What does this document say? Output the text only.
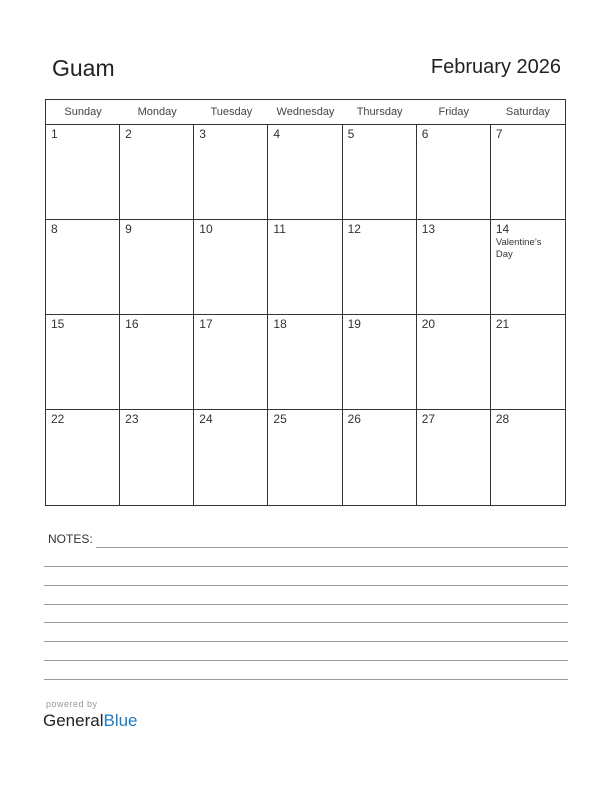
Guam	February 2026
Sunday	Monday	Tuesday	Wednesday	Thursday	Friday	Saturday
1	2	3	4	5	6	7
8	9	10	11	12	13	14
Valentine’s Day
15	16	17	18	19	20	21
22	23	24	25	26	27	28
NOTES:
powered by
GeneralBlue
